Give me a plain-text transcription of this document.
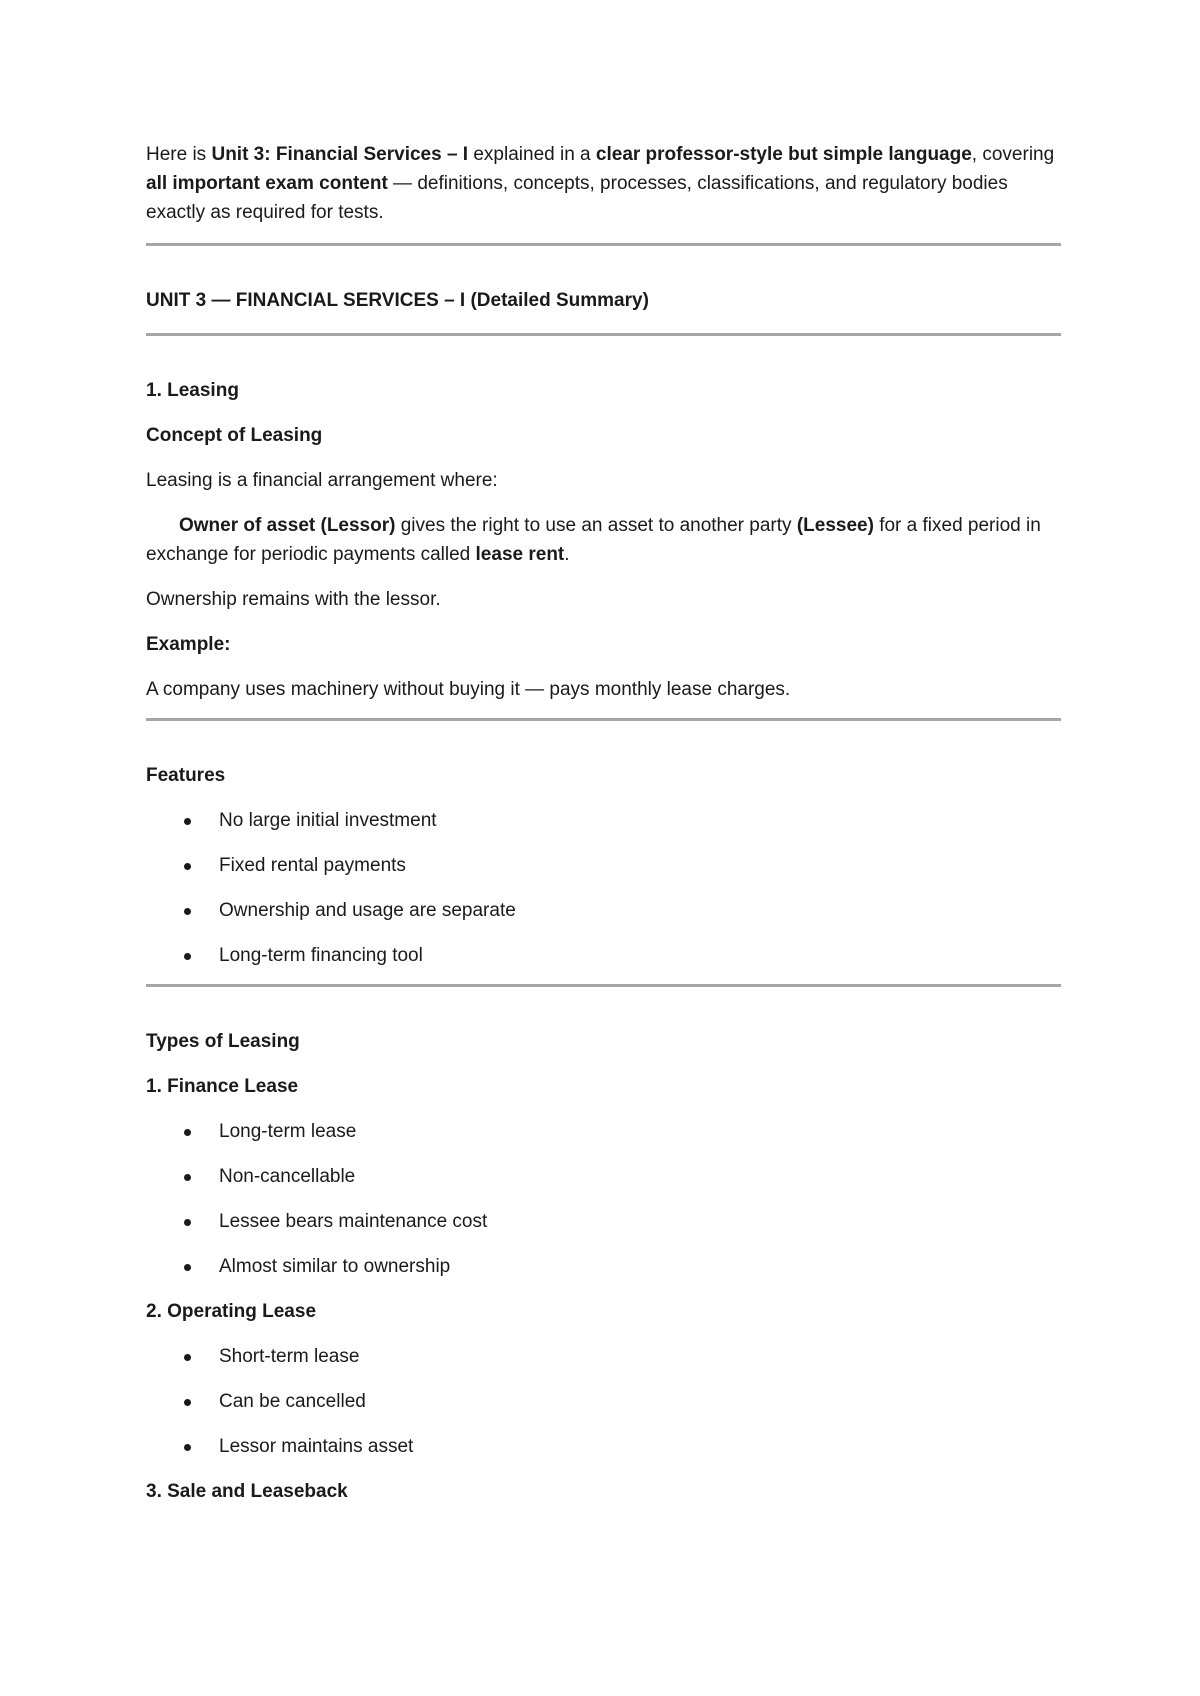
Here is Unit 3: Financial Services – I explained in a clear professor-style but simple language, covering all important exam content — definitions, concepts, processes, classifications, and regulatory bodies exactly as required for tests.

UNIT 3 — FINANCIAL SERVICES – I (Detailed Summary)

1. Leasing

Concept of Leasing

Leasing is a financial arrangement where:

Owner of asset (Lessor) gives the right to use an asset to another party (Lessee) for a fixed period in exchange for periodic payments called lease rent.

Ownership remains with the lessor.

Example:

A company uses machinery without buying it — pays monthly lease charges.

Features

No large initial investment
Fixed rental payments
Ownership and usage are separate
Long-term financing tool

Types of Leasing

1. Finance Lease

Long-term lease
Non-cancellable
Lessee bears maintenance cost
Almost similar to ownership

2. Operating Lease

Short-term lease
Can be cancelled
Lessor maintains asset

3. Sale and Leaseback
